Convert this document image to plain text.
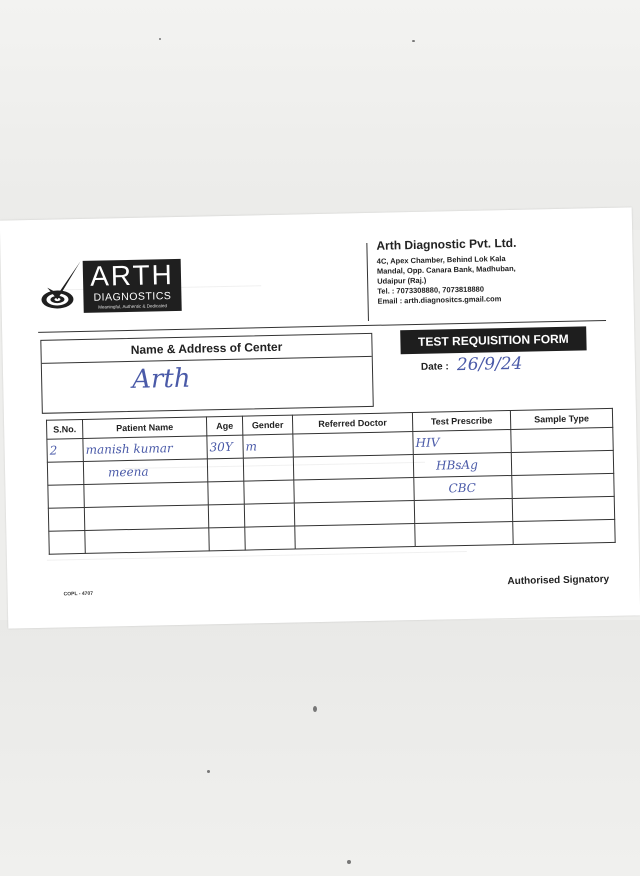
ARTH
DIAGNOSTICS
Meaningful, Authentic & Dedicated
Arth Diagnostic Pvt. Ltd.
4C, Apex Chamber, Behind Lok Kala
Mandal, Opp. Canara Bank, Madhuban,
Udaipur (Raj.)
Tel. : 7073308880, 7073818880
Email : arth.diagnositcs.gmail.com
Name & Address of Center
Arth
TEST REQUISITION FORM
Date : 26/9/24
S.No.	Patient Name	Age	Gender	Referred Doctor	Test Prescribe	Sample Type
2	manish kumar	30Y	m		HIV	
	meena				HBsAg	
					CBC	

COPL - 4707
Authorised Signatory
